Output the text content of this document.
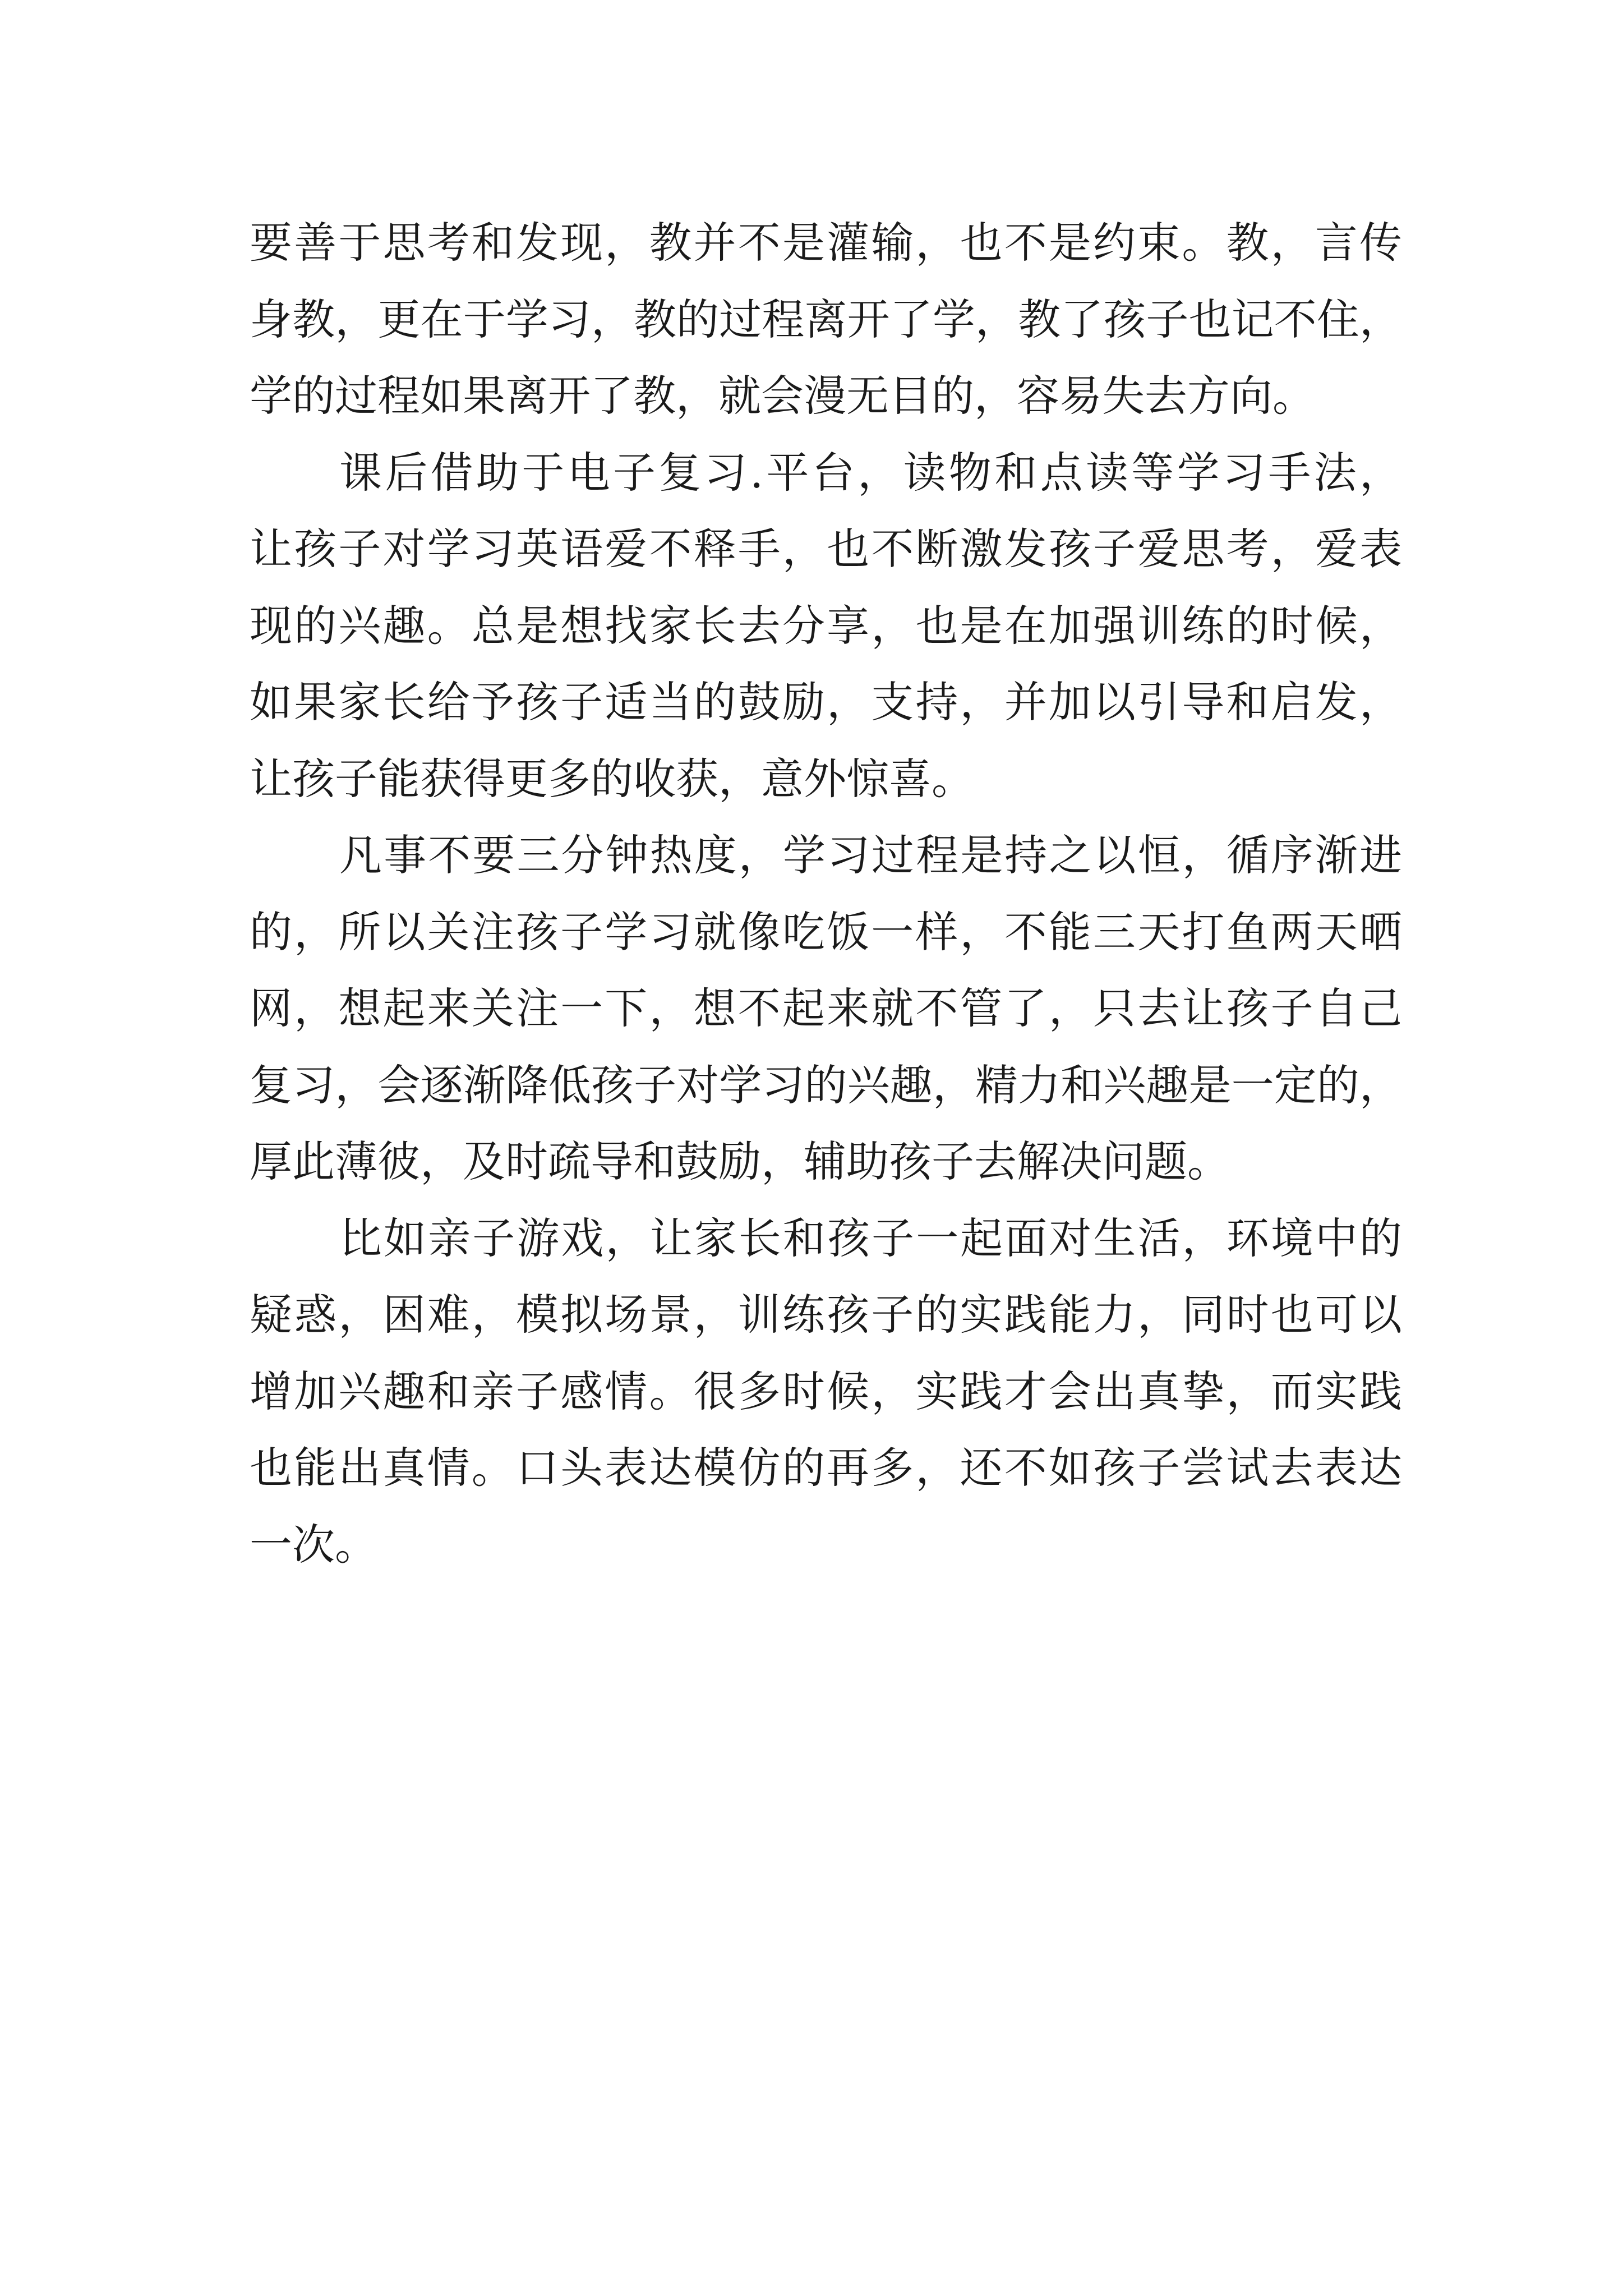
要善于思考和发现，教并不是灌输，也不是约束。教，言传
身教，更在于学习，教的过程离开了学，教了孩子也记不住，
学的过程如果离开了教，就会漫无目的，容易失去方向。
课后借助于电子复习.平台，读物和点读等学习手法，
让孩子对学习英语爱不释手，也不断激发孩子爱思考，爱表
现的兴趣。总是想找家长去分享，也是在加强训练的时候，
如果家长给予孩子适当的鼓励，支持，并加以引导和启发，
让孩子能获得更多的收获，意外惊喜。
凡事不要三分钟热度，学习过程是持之以恒，循序渐进
的，所以关注孩子学习就像吃饭一样，不能三天打鱼两天晒
网，想起来关注一下，想不起来就不管了，只去让孩子自己
复习，会逐渐降低孩子对学习的兴趣，精力和兴趣是一定的，
厚此薄彼，及时疏导和鼓励，辅助孩子去解决问题。
比如亲子游戏，让家长和孩子一起面对生活，环境中的
疑惑，困难，模拟场景，训练孩子的实践能力，同时也可以
增加兴趣和亲子感情。很多时候，实践才会出真挚，而实践
也能出真情。口头表达模仿的再多，还不如孩子尝试去表达
一次。
